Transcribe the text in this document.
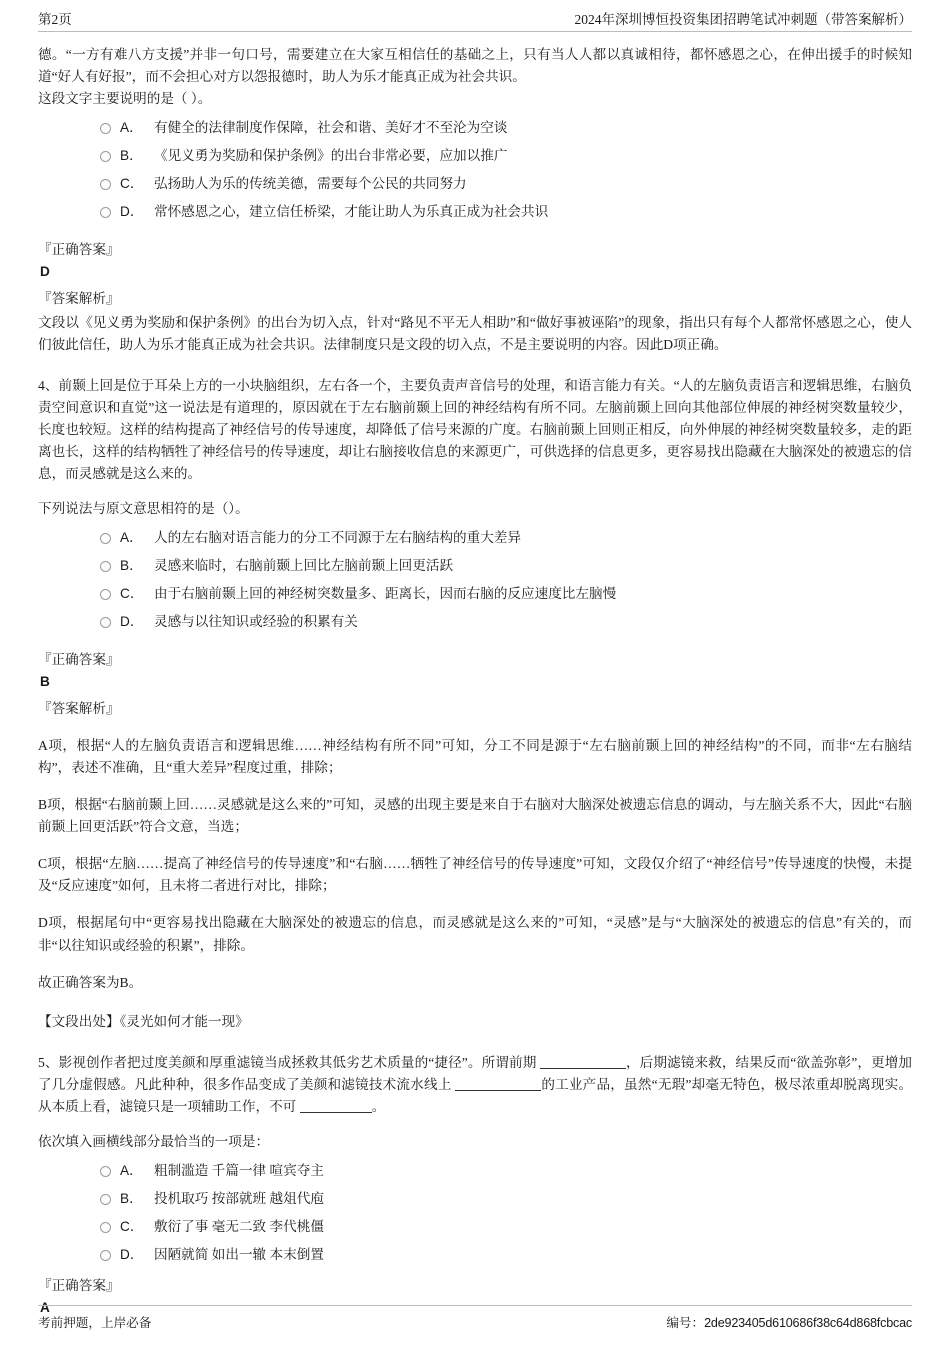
第2页	2024年深圳博恒投资集团招聘笔试冲刺题（带答案解析）

德。“一方有难八方支援”并非一句口号，需要建立在大家互相信任的基础之上，只有当人人都以真诚相待，都怀感恩之心，在伸出援手的时候知道“好人有好报”，而不会担心对方以怨报德时，助人为乐才能真正成为社会共识。

这段文字主要说明的是（ ）。

A． 有健全的法律制度作保障，社会和谐、美好才不至沦为空谈
B． 《见义勇为奖励和保护条例》的出台非常必要，应加以推广
C． 弘扬助人为乐的传统美德，需要每个公民的共同努力
D． 常怀感恩之心，建立信任桥梁，才能让助人为乐真正成为社会共识
『正确答案』
D
『答案解析』
文段以《见义勇为奖励和保护条例》的出台为切入点，针对“路见不平无人相助”和“做好事被诬陷”的现象，指出只有每个人都常怀感恩之心，使人们彼此信任，助人为乐才能真正成为社会共识。法律制度只是文段的切入点，不是主要说明的内容。因此D项正确。

4、前颞上回是位于耳朵上方的一小块脑组织，左右各一个，主要负责声音信号的处理，和语言能力有关。“人的左脑负责语言和逻辑思维，右脑负责空间意识和直觉”这一说法是有道理的，原因就在于左右脑前颞上回的神经结构有所不同。左脑前颞上回向其他部位伸展的神经树突数量较少，长度也较短。这样的结构提高了神经信号的传导速度，却降低了信号来源的广度。右脑前颞上回则正相反，向外伸展的神经树突数量较多，走的距离也长，这样的结构牺牲了神经信号的传导速度，却让右脑接收信息的来源更广，可供选择的信息更多，更容易找出隐藏在大脑深处的被遗忘的信息，而灵感就是这么来的。

下列说法与原文意思相符的是（）。

A． 人的左右脑对语言能力的分工不同源于左右脑结构的重大差异
B． 灵感来临时，右脑前颞上回比左脑前颞上回更活跃
C． 由于右脑前颞上回的神经树突数量多、距离长，因而右脑的反应速度比左脑慢
D． 灵感与以往知识或经验的积累有关
『正确答案』
B
『答案解析』
A项，根据“人的左脑负责语言和逻辑思维……神经结构有所不同”可知，分工不同是源于“左右脑前颞上回的神经结构”的不同，而非“左右脑结构”，表述不准确，且“重大差异”程度过重，排除；
B项，根据“右脑前颞上回……灵感就是这么来的”可知，灵感的出现主要是来自于右脑对大脑深处被遗忘信息的调动，与左脑关系不大，因此“右脑前颞上回更活跃”符合文意，当选；
C项，根据“左脑……提高了神经信号的传导速度”和“右脑……牺牲了神经信号的传导速度”可知，文段仅介绍了“神经信号”传导速度的快慢，未提及“反应速度”如何，且未将二者进行对比，排除；
D项，根据尾句中“更容易找出隐藏在大脑深处的被遗忘的信息，而灵感就是这么来的”可知，“灵感”是与“大脑深处的被遗忘的信息”有关的，而非“以往知识或经验的积累”，排除。
故正确答案为B。
【文段出处】《灵光如何才能一现》

5、影视创作者把过度美颜和厚重滤镜当成拯救其低劣艺术质量的“捷径”。所谓前期	，后期滤镜来救，结果反而“欲盖弥彰”，更增加了几分虚假感。凡此种种，很多作品变成了美颜和滤镜技术流水线上	的工业产品，虽然“无瑕”却毫无特色，极尽浓重却脱离现实。从本质上看，滤镜只是一项辅助工作，不可	。

依次填入画横线部分最恰当的一项是：

A． 粗制滥造 千篇一律 喧宾夺主
B． 投机取巧 按部就班 越俎代庖
C． 敷衍了事 毫无二致 李代桃僵
D． 因陋就简 如出一辙 本末倒置
『正确答案』
A
考前押题，上岸必备	编号：2de923405d610686f38c64d868fcbcac
